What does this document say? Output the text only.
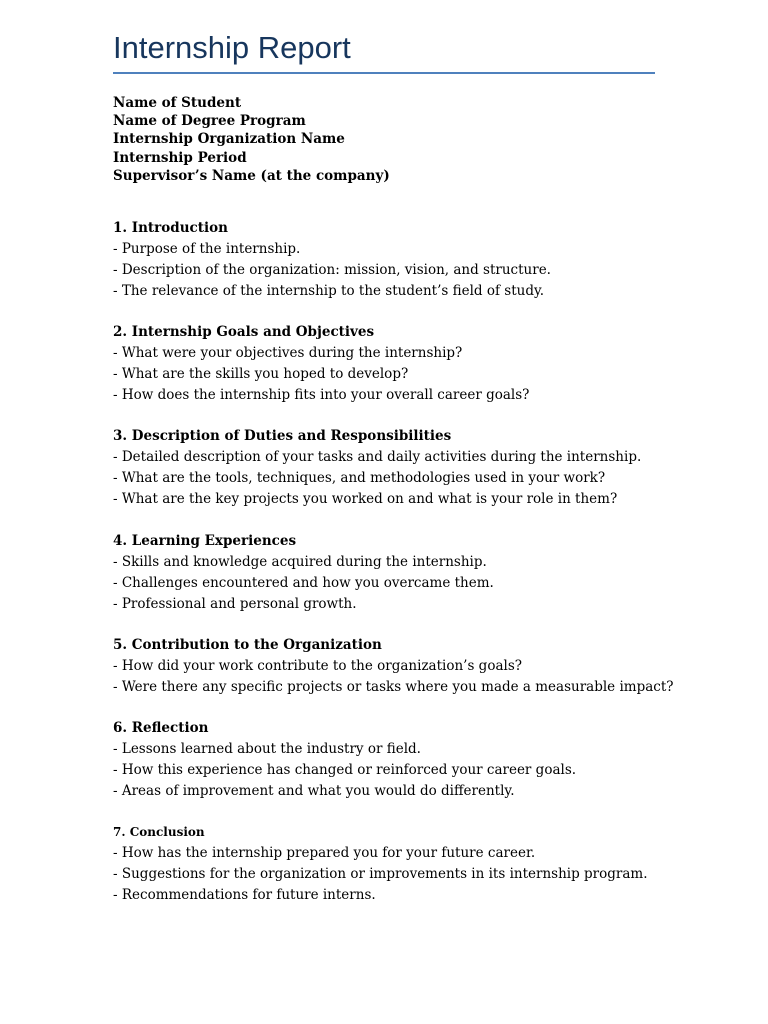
Internship Report
Name of Student
Name of Degree Program
Internship Organization Name
Internship Period
Supervisor’s Name (at the company)

1. Introduction

- Purpose of the internship.
- Description of the organization: mission, vision, and structure.
- The relevance of the internship to the student’s field of study.

2. Internship Goals and Objectives

- What were your objectives during the internship?
- What are the skills you hoped to develop?
- How does the internship fits into your overall career goals?

3. Description of Duties and Responsibilities

- Detailed description of your tasks and daily activities during the internship.
- What are the tools, techniques, and methodologies used in your work?
- What are the key projects you worked on and what is your role in them?

4. Learning Experiences

- Skills and knowledge acquired during the internship.
- Challenges encountered and how you overcame them.
- Professional and personal growth.

5. Contribution to the Organization

- How did your work contribute to the organization’s goals?
- Were there any specific projects or tasks where you made a measurable impact?

6. Reflection

- Lessons learned about the industry or field.
- How this experience has changed or reinforced your career goals.
- Areas of improvement and what you would do differently.

7. Conclusion

- How has the internship prepared you for your future career.
- Suggestions for the organization or improvements in its internship program.
- Recommendations for future interns.
